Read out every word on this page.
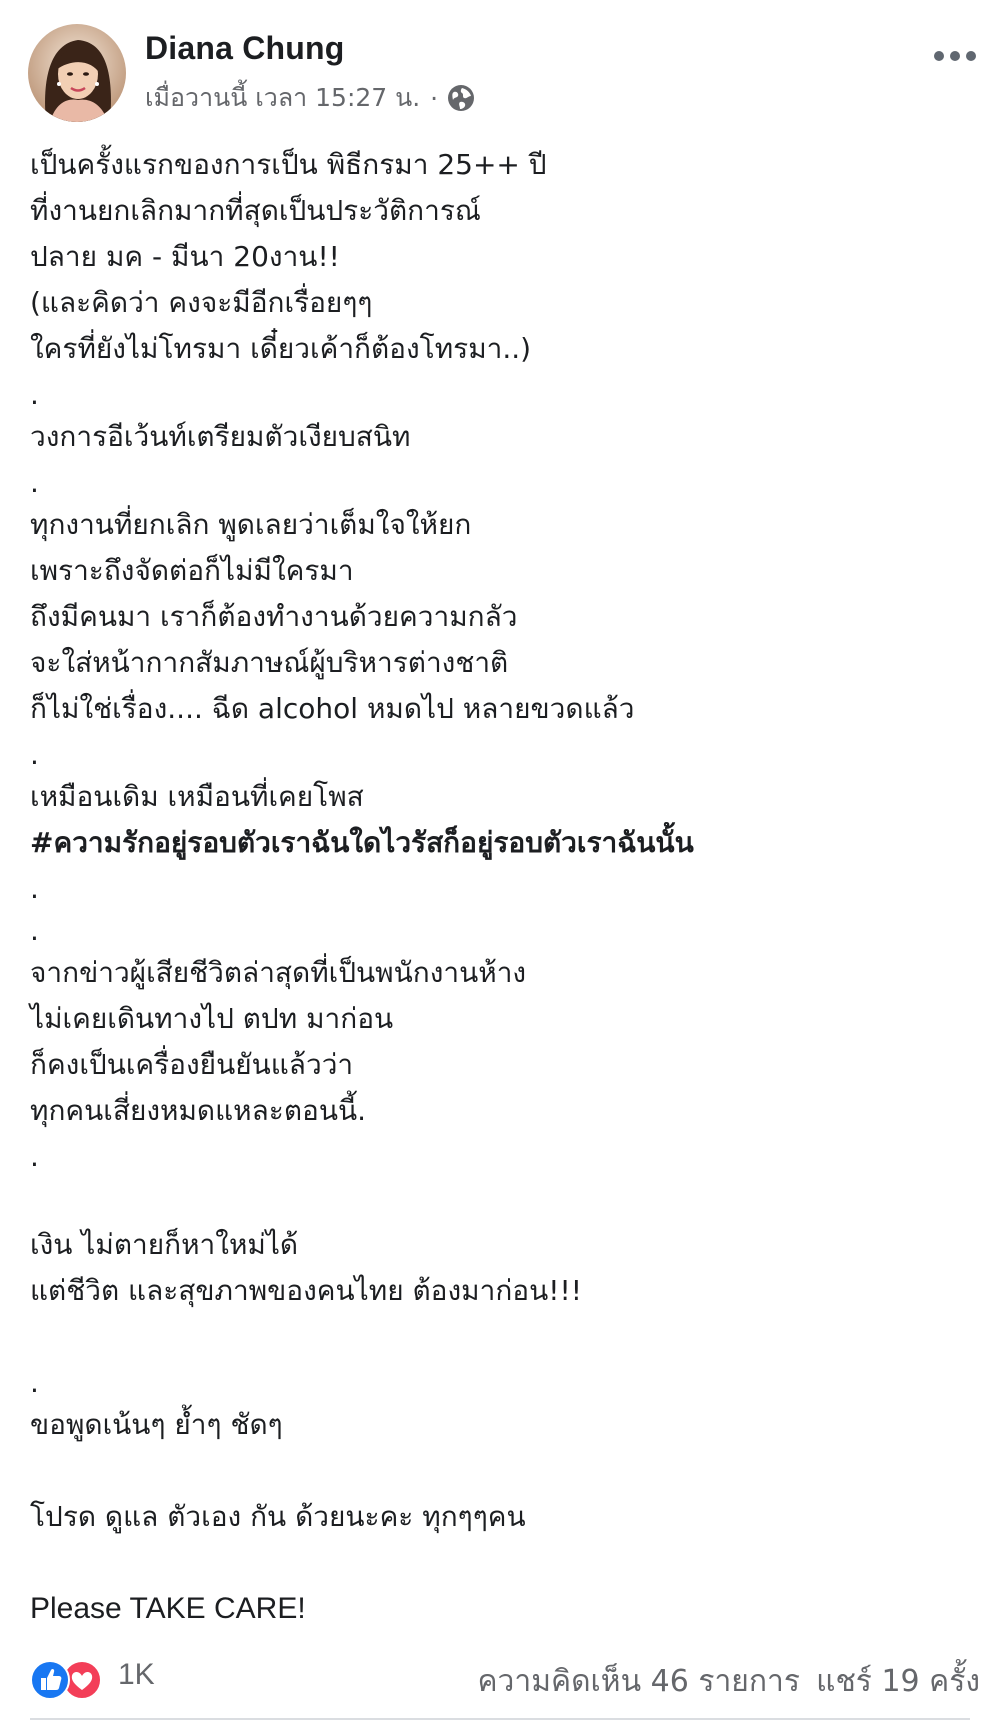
Diana Chung
เมื่อวานนี้ เวลา 15:27 น. ·
เป็นครั้งแรกของการเป็น พิธีกรมา 25++ ปี
ที่งานยกเลิกมากที่สุดเป็นประวัติการณ์
ปลาย มค - มีนา 20งาน!!
(และคิดว่า คงจะมีอีกเรื่อยๆๆ
ใครที่ยังไม่โทรมา เดี๋ยวเค้าก็ต้องโทรมา..)
.
วงการอีเว้นท์เตรียมตัวเงียบสนิท
.
ทุกงานที่ยกเลิก พูดเลยว่าเต็มใจให้ยก
เพราะถึงจัดต่อก็ไม่มีใครมา
ถึงมีคนมา เราก็ต้องทำงานด้วยความกลัว
จะใส่หน้ากากสัมภาษณ์ผู้บริหารต่างชาติ
ก็ไม่ใช่เรื่อง.... ฉีด alcohol หมดไป หลายขวดแล้ว
.
เหมือนเดิม เหมือนที่เคยโพส
#ความรักอยู่รอบตัวเราฉันใดไวรัสก็อยู่รอบตัวเราฉันนั้น
.
.
จากข่าวผู้เสียชีวิตล่าสุดที่เป็นพนักงานห้าง
ไม่เคยเดินทางไป ตปท มาก่อน
ก็คงเป็นเครื่องยืนยันแล้วว่า
ทุกคนเสี่ยงหมดแหละตอนนี้.
.
เงิน ไม่ตายก็หาใหม่ได้
แต่ชีวิต และสุขภาพของคนไทย ต้องมาก่อน!!!
.
ขอพูดเน้นๆ ย้ำๆ ชัดๆ
โปรด ดูแล ตัวเอง กัน ด้วยนะคะ ทุกๆๆคน
Please TAKE CARE!
1K	ความคิดเห็น 46 รายการ แชร์ 19 ครั้ง
